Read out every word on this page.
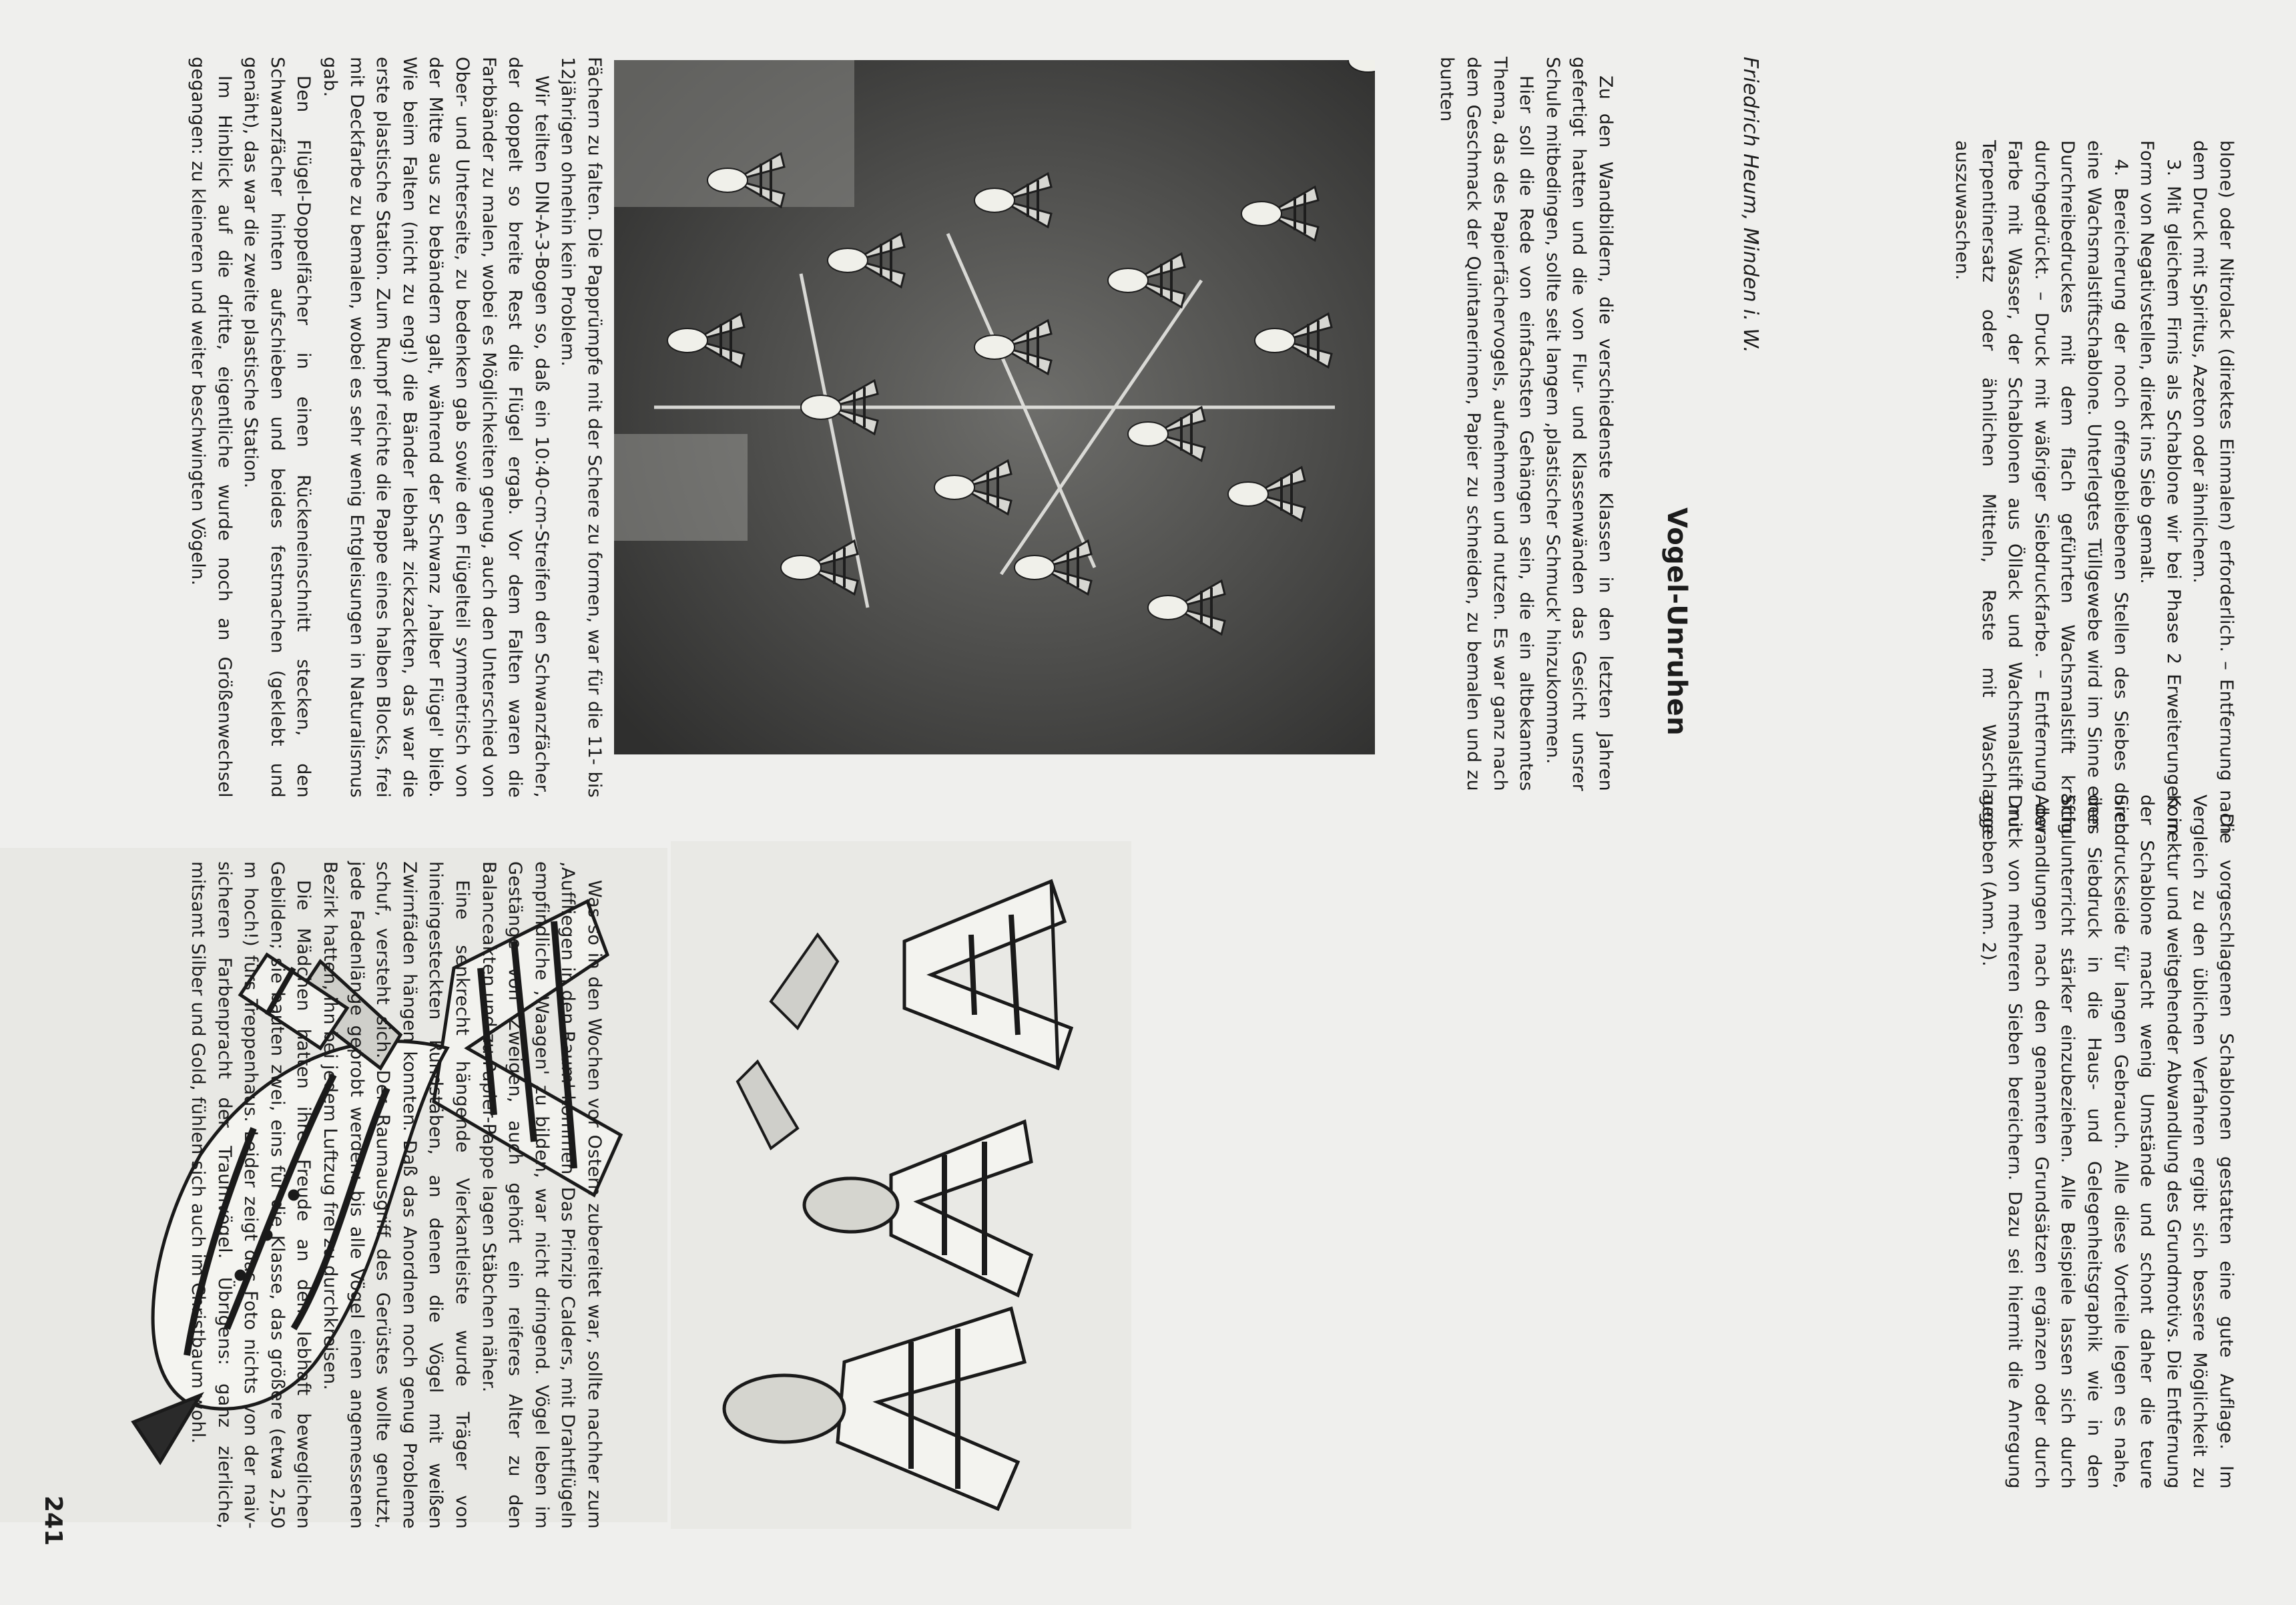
blone) oder Nitrolack (direktes Einmalen) erforderlich. – Entfernung nach dem Druck mit Spiritus, Azeton oder ähnlichem.

3. Mit gleichem Firnis als Schablone wir bei Phase 2 Erweiterungen in Form von Negativstellen, direkt ins Sieb gemalt.

4. Bereicherung der noch offengebliebenen Stellen des Siebes durch eine Wachsmalstiftschablone. Unterlegtes Tüllgewebe wird im Sinne eines Durchreibedruckes mit dem flach geführten Wachsmalstift kräftig durchgedrückt. – Druck mit wäßriger Siebdruckfarbe. – Entfernung der Farbe mit Wasser, der Schablonen aus Öllack und Wachsmalstift mit Terpentinersatz oder ähnlichen Mitteln, Reste mit Waschlauge auszuwaschen.

Die vorgeschlagenen Schablonen gestatten eine gute Auflage. Im Vergleich zu den üblichen Verfahren ergibt sich bessere Möglichkeit zu Korrektur und weitgehender Abwandlung des Grundmotivs. Die Entfernung der Schablone macht wenig Umstände und schont daher die teure Siebdruckseide für langen Gebrauch. Alle diese Vorteile legen es nahe, den Siebdruck in die Haus- und Gelegenheitsgraphik wie in den Schulunterricht stärker einzubeziehen. Alle Beispiele lassen sich durch Abwandlungen nach den genannten Grundsätzen ergänzen oder durch Druck von mehreren Sieben bereichern. Dazu sei hiermit die Anregung gegeben (Anm. 2).

Friedrich Heum, Minden i. W.
Vogel-Unruhen

Zu den Wandbildern, die verschiedenste Klassen in den letzten Jahren gefertigt hatten und die von Flur- und Klassenwänden das Gesicht unsrer Schule mitbedingen, sollte seit langem ‚plastischer Schmuck' hinzukommen.

Hier soll die Rede von einfachsten Gehängen sein, die ein altbekanntes Thema, das des Papierfächervogels, aufnehmen und nutzen. Es war ganz nach dem Geschmack der Quintanerinnen, Papier zu schneiden, zu bemalen und zu bunten

Fächern zu falten. Die Papprümpfe mit der Schere zu formen, war für die 11- bis 12jährigen ohnehin kein Problem.

Wir teilten DIN-A-3-Bogen so, daß ein 10:40-cm-Streifen den Schwanzfächer, der doppelt so breite Rest die Flügel ergab. Vor dem Falten waren die Farbbänder zu malen, wobei es Möglichkeiten genug, auch den Unterschied von Ober- und Unterseite, zu bedenken gab sowie den Flügelteil symmetrisch von der Mitte aus zu bebändern galt, während der Schwanz ‚halber Flügel' blieb. Wie beim Falten (nicht zu eng!) die Bänder lebhaft zickzackten, das war die erste plastische Station. Zum Rumpf reichte die Pappe eines halben Blocks, frei mit Deckfarbe zu bemalen, wobei es sehr wenig Entgleisungen in Naturalismus gab.

Den Flügel-Doppelfächer in einen Rückeneinschnitt stecken, den Schwanzfächer hinten aufschieben und beides festmachen (geklebt und genäht), das war die zweite plastische Station.

Im Hinblick auf die dritte, eigentliche wurde noch an Größenwechsel gegangen: zu kleineren und weiter beschwingten Vögeln.

Was so in den Wochen vor Ostern zubereitet war, sollte nachher zum ‚Auffliegen in den Raum' kommen. Das Prinzip Calders, mit Drahtflügeln empfindliche ‚Waagen' zu bilden, war nicht dringend. Vögel leben im Gestänge von Zweigen, auch gehört ein reiferes Alter zu den Balanceakten und zu Papier-Pappe lagen Stäbchen näher.

Eine senkrecht hängende Vierkantleiste wurde Träger von hineingesteckten Rundstäben, an denen die Vögel mit weißen Zwirnfäden hängen konnten. Daß das Anordnen noch genug Probleme schuf, versteht sich. Der Raumausgriff des Gerüstes wollte genutzt, jede Fadenlänge geprobt werden: bis alle Vögel einen angemessenen Bezirk hatten, ihn bei jedem Luftzug frei zu durchkreisen.

Die Mädchen hatten ihre Freude an den lebhaft beweglichen Gebilden; sie bauten zwei, eins für die Klasse, das größere (etwa 2,50 m hoch!) fürs Treppenhaus. Leider zeigt das Foto nichts von der naiv-sicheren Farbenpracht der Traumvögel. Übrigens: ganz zierliche, mitsamt Silber und Gold, fühlen sich auch im Christbaum wohl.

241
